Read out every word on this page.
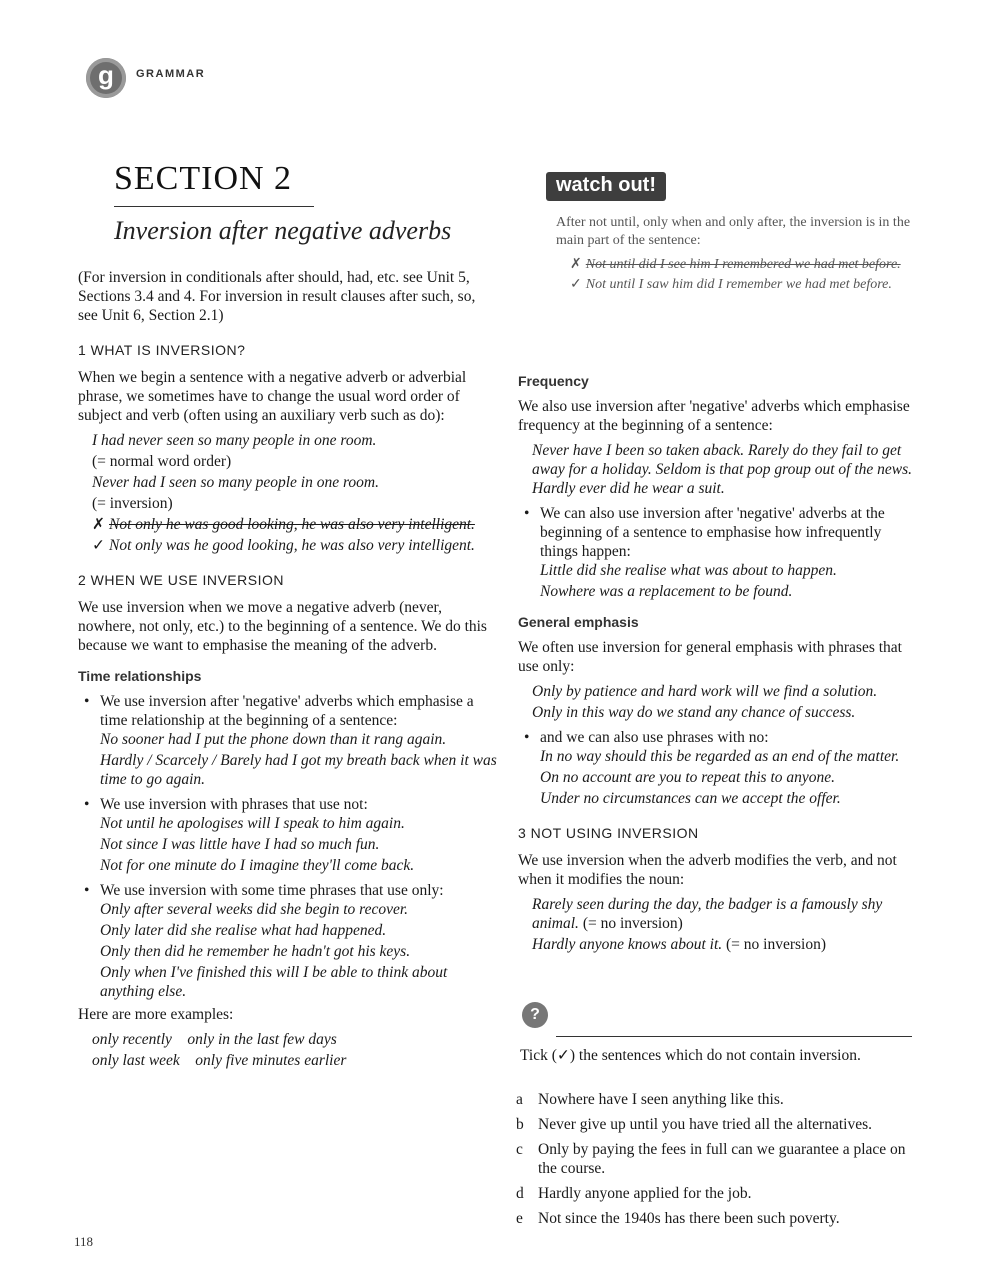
g	GRAMMAR
SECTION 2
Inversion after negative adverbs

(For inversion in conditionals after should, had, etc. see Unit 5, Sections 3.4 and 4. For inversion in result clauses after such, so, see Unit 6, Section 2.1)

1 WHAT IS INVERSION?

When we begin a sentence with a negative adverb or adverbial phrase, we sometimes have to change the usual word order of subject and verb (often using an auxiliary verb such as do):

I had never seen so many people in one room.
(= normal word order)
Never had I seen so many people in one room.
(= inversion)
✗ Not only he was good looking, he was also very intelligent.
✓ Not only was he good looking, he was also very intelligent.
2 WHEN WE USE INVERSION

We use inversion when we move a negative adverb (never, nowhere, not only, etc.) to the beginning of a sentence. We do this because we want to emphasise the meaning of the adverb.

Time relationships
• We use inversion after 'negative' adverbs which emphasise a time relationship at the beginning of a sentence:
No sooner had I put the phone down than it rang again.
Hardly / Scarcely / Barely had I got my breath back when it was time to go again.
• We use inversion with phrases that use not:
Not until he apologises will I speak to him again.
Not since I was little have I had so much fun.
Not for one minute do I imagine they'll come back.
• We use inversion with some time phrases that use only:
Only after several weeks did she begin to recover.
Only later did she realise what had happened.
Only then did he remember he hadn't got his keys.
Only when I've finished this will I be able to think about anything else.

Here are more examples:

only recently    only in the last few days
only last week    only five minutes earlier
watch out!

After not until, only when and only after, the inversion is in the main part of the sentence:

✗ Not until did I see him I remembered we had met before.
✓ Not until I saw him did I remember we had met before.
Frequency

We also use inversion after 'negative' adverbs which emphasise frequency at the beginning of a sentence:

Never have I been so taken aback. Rarely do they fail to get away for a holiday. Seldom is that pop group out of the news. Hardly ever did he wear a suit.
• We can also use inversion after 'negative' adverbs at the beginning of a sentence to emphasise how infrequently things happen:
Little did she realise what was about to happen.
Nowhere was a replacement to be found.
General emphasis

We often use inversion for general emphasis with phrases that use only:

Only by patience and hard work will we find a solution.
Only in this way do we stand any chance of success.
• and we can also use phrases with no:
In no way should this be regarded as an end of the matter.
On no account are you to repeat this to anyone.
Under no circumstances can we accept the offer.
3 NOT USING INVERSION

We use inversion when the adverb modifies the verb, and not when it modifies the noun:

Rarely seen during the day, the badger is a famously shy animal. (= no inversion)
Hardly anyone knows about it. (= no inversion)
?
Tick (✓) the sentences which do not contain inversion.
a Nowhere have I seen anything like this.
b Never give up until you have tried all the alternatives.
c Only by paying the fees in full can we guarantee a place on the course.
d Hardly anyone applied for the job.
e Not since the 1940s has there been such poverty.
118
